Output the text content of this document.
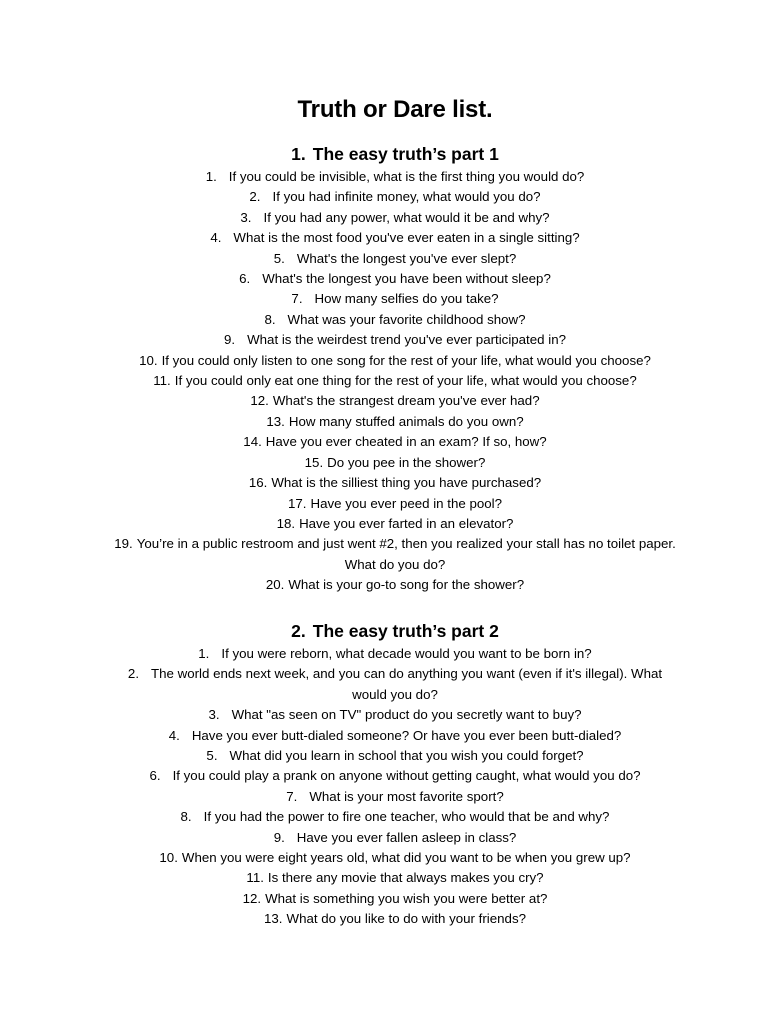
Truth or Dare list.
1. The easy truth’s part 1
1. If you could be invisible, what is the first thing you would do?
2. If you had infinite money, what would you do?
3. If you had any power, what would it be and why?
4. What is the most food you've ever eaten in a single sitting?
5. What's the longest you've ever slept?
6. What's the longest you have been without sleep?
7. How many selfies do you take?
8. What was your favorite childhood show?
9. What is the weirdest trend you've ever participated in?
10. If you could only listen to one song for the rest of your life, what would you choose?
11. If you could only eat one thing for the rest of your life, what would you choose?
12. What's the strangest dream you've ever had?
13. How many stuffed animals do you own?
14. Have you ever cheated in an exam? If so, how?
15. Do you pee in the shower?
16. What is the silliest thing you have purchased?
17. Have you ever peed in the pool?
18. Have you ever farted in an elevator?
19. You’re in a public restroom and just went #2, then you realized your stall has no toilet paper. What do you do?
20. What is your go-to song for the shower?
2. The easy truth’s part 2
1. If you were reborn, what decade would you want to be born in?
2. The world ends next week, and you can do anything you want (even if it's illegal). What would you do?
3. What "as seen on TV" product do you secretly want to buy?
4. Have you ever butt-dialed someone? Or have you ever been butt-dialed?
5. What did you learn in school that you wish you could forget?
6. If you could play a prank on anyone without getting caught, what would you do?
7. What is your most favorite sport?
8. If you had the power to fire one teacher, who would that be and why?
9. Have you ever fallen asleep in class?
10. When you were eight years old, what did you want to be when you grew up?
11. Is there any movie that always makes you cry?
12. What is something you wish you were better at?
13. What do you like to do with your friends?
